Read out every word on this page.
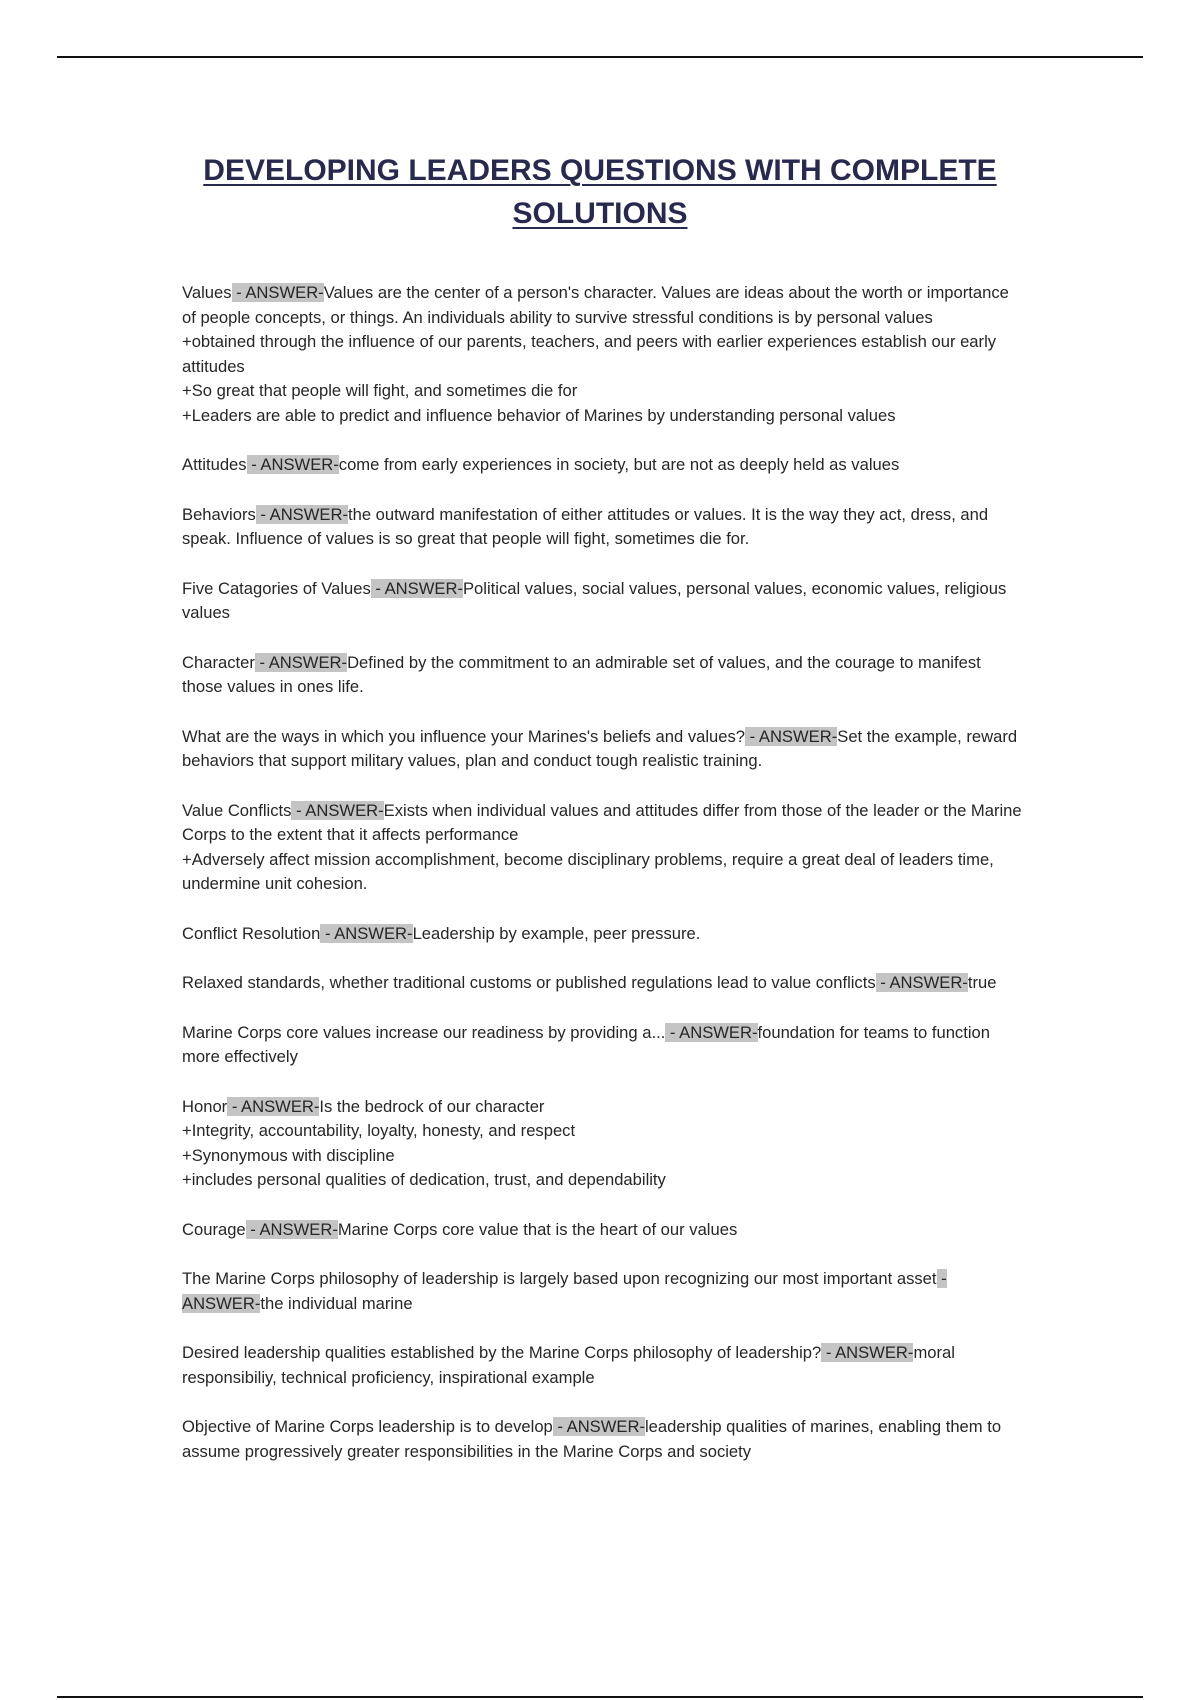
DEVELOPING LEADERS QUESTIONS WITH COMPLETE
SOLUTIONS
Values - ANSWER-Values are the center of a person's character. Values are ideas about the worth or importance of people concepts, or things. An individuals ability to survive stressful conditions is by personal values
+obtained through the influence of our parents, teachers, and peers with earlier experiences establish our early attitudes
+So great that people will fight, and sometimes die for
+Leaders are able to predict and influence behavior of Marines by understanding personal values
Attitudes - ANSWER-come from early experiences in society, but are not as deeply held as values
Behaviors - ANSWER-the outward manifestation of either attitudes or values. It is the way they act, dress, and speak. Influence of values is so great that people will fight, sometimes die for.
Five Catagories of Values - ANSWER-Political values, social values, personal values, economic values, religious values
Character - ANSWER-Defined by the commitment to an admirable set of values, and the courage to manifest those values in ones life.
What are the ways in which you influence your Marines's beliefs and values? - ANSWER-Set the example, reward behaviors that support military values, plan and conduct tough realistic training.
Value Conflicts - ANSWER-Exists when individual values and attitudes differ from those of the leader or the Marine Corps to the extent that it affects performance
+Adversely affect mission accomplishment, become disciplinary problems, require a great deal of leaders time, undermine unit cohesion.
Conflict Resolution - ANSWER-Leadership by example, peer pressure.
Relaxed standards, whether traditional customs or published regulations lead to value conflicts - ANSWER-true
Marine Corps core values increase our readiness by providing a... - ANSWER-foundation for teams to function more effectively
Honor - ANSWER-Is the bedrock of our character
+Integrity, accountability, loyalty, honesty, and respect
+Synonymous with discipline
+includes personal qualities of dedication, trust, and dependability
Courage - ANSWER-Marine Corps core value that is the heart of our values
The Marine Corps philosophy of leadership is largely based upon recognizing our most important asset - ANSWER-the individual marine
Desired leadership qualities established by the Marine Corps philosophy of leadership? - ANSWER-moral responsibiliy, technical proficiency, inspirational example
Objective of Marine Corps leadership is to develop - ANSWER-leadership qualities of marines, enabling them to assume progressively greater responsibilities in the Marine Corps and society
